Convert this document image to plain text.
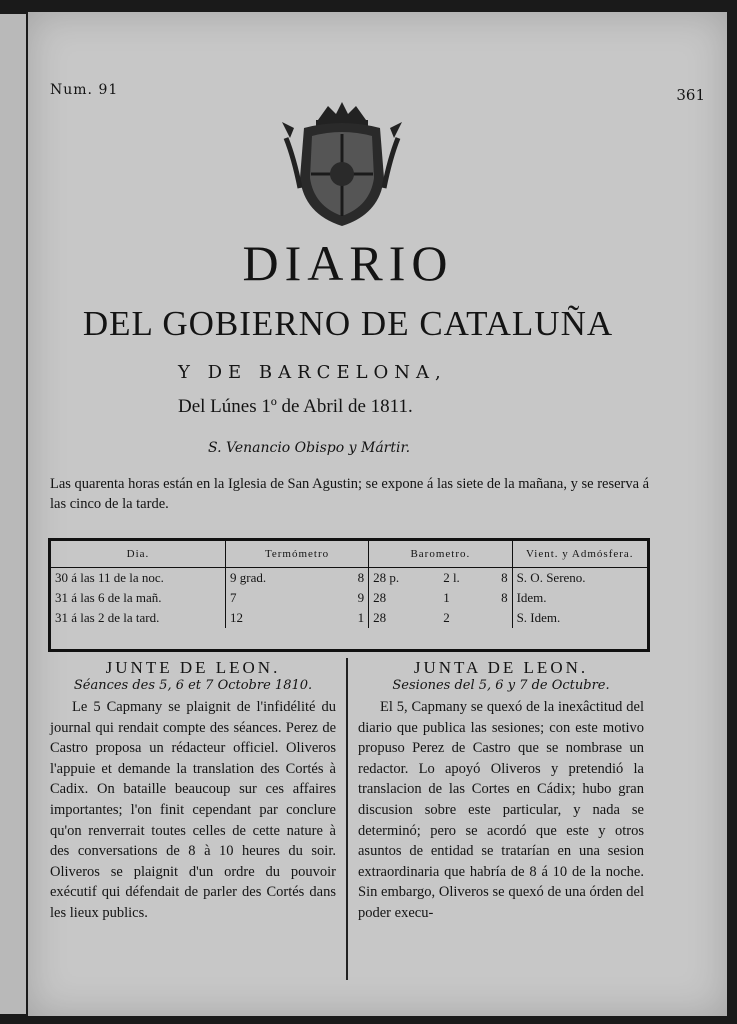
Num. 91	361
DIARIO
DEL GOBIERNO DE CATALUÑA
Y DE BARCELONA,
Del Lúnes 1º de Abril de 1811.
S. Venancio Obispo y Mártir.
Las quarenta horas están en la Iglesia de San Agustin; se expone á las siete de la mañana, y se reserva á las cinco de la tarde.
Dia.	Termómetro		Barometro.			Vient. y Admósfera.
30 á las 11 de la noc.	9 grad.	8	28 p.	2 l.	8	S. O. Sereno.
31 á las 6 de la mañ.	7	9	28	1	8	Idem.
31 á las 2 de la tard.	12	1	28	2		S. Idem.
JUNTE DE LEON.
Séances des 5, 6 et 7 Octobre 1810.

Le 5 Capmany se plaignit de l'infidélité du journal qui rendait compte des séances. Perez de Castro proposa un rédacteur officiel. Oliveros l'appuie et demande la translation des Cortés à Cadix. On bataille beaucoup sur ces affaires importantes; l'on finit cependant par conclure qu'on renverrait toutes celles de cette nature à des conversations de 8 à 10 heures du soir. Oliveros se plaignit d'un ordre du pouvoir exécutif qui défendait de parler des Cortés dans les lieux publics.

JUNTA DE LEON.
Sesiones del 5, 6 y 7 de Octubre.

El 5, Capmany se quexó de la inexâctitud del diario que publica las sesiones; con este motivo propuso Perez de Castro que se nombrase un redactor. Lo apoyó Oliveros y pretendió la translacion de las Cortes en Cádix; hubo gran discusion sobre este particular, y nada se determinó; pero se acordó que este y otros asuntos de entidad se tratarían en una sesion extraordinaria que habría de 8 á 10 de la noche. Sin embargo, Oliveros se quexó de una órden del poder execu-
